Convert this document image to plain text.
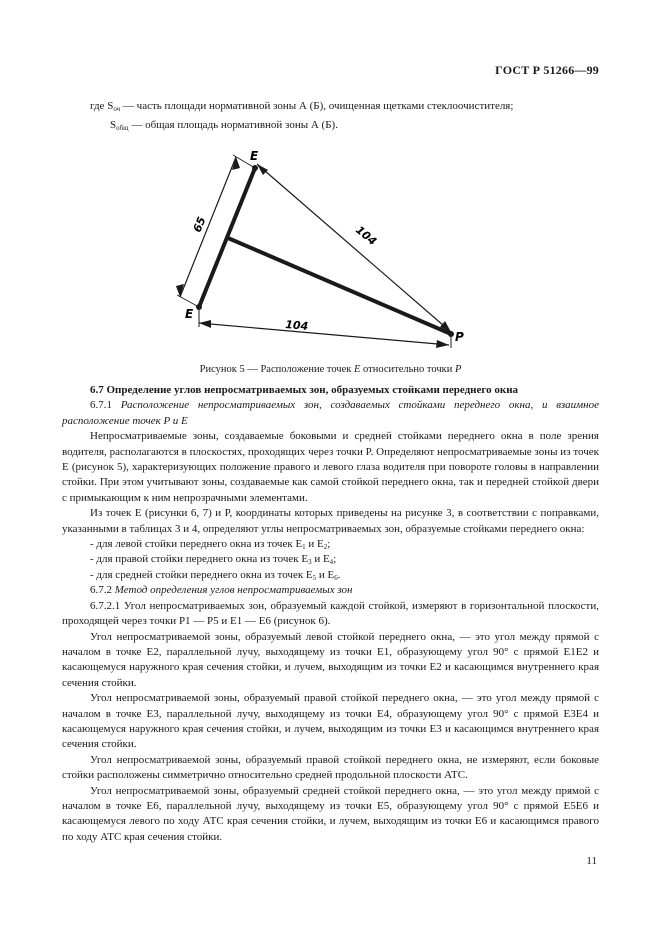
ГОСТ Р 51266—99
где $S_{оч}$ — часть площади нормативной зоны А (Б), очищенная щетками стеклоочистителя;
$S_{общ}$ — общая площадь нормативной зоны А (Б).
E
E
P
65	104
104
Рисунок 5 — Расположение точек E относительно точки P
6.7 Определение углов непросматриваемых зон, образуемых стойками переднего окна
6.7.1 Расположение непросматриваемых зон, создаваемых стойками переднего окна, и взаимное расположение точек P и E
Непросматриваемые зоны, создаваемые боковыми и средней стойками переднего окна в поле зрения водителя, располагаются в плоскостях, проходящих через точки P. Определяют непросматриваемые зоны из точек E (рисунок 5), характеризующих положение правого и левого глаза водителя при повороте головы в направлении стойки. При этом учитывают зоны, создаваемые как самой стойкой переднего окна, так и передней стойкой двери с примыкающим к ним непрозрачными элементами.
Из точек E (рисунки 6, 7) и P, координаты которых приведены на рисунке 3, в соответствии с поправками, указанными в таблицах 3 и 4, определяют углы непросматриваемых зон, образуемые стойками переднего окна:
- для левой стойки переднего окна из точек $E_1$ и $E_2$;
- для правой стойки переднего окна из точек $E_3$ и $E_4$;
- для средней стойки переднего окна из точек $E_5$ и $E_6$.
6.7.2 Метод определения углов непросматриваемых зон
6.7.2.1 Угол непросматриваемых зон, образуемый каждой стойкой, измеряют в горизонтальной плоскости, проходящей через точки P1 — P5 и E1 — E6 (рисунок 6).
Угол непросматриваемой зоны, образуемый левой стойкой переднего окна, — это угол между прямой с началом в точке E2, параллельной лучу, выходящему из точки E1, образующему угол 90° с прямой E1E2 и касающемуся наружного края сечения стойки, и лучем, выходящим из точки E2 и касающимся внутреннего края сечения стойки.
Угол непросматриваемой зоны, образуемый правой стойкой переднего окна, — это угол между прямой с началом в точке E3, параллельной лучу, выходящему из точки E4, образующему угол 90° с прямой E3E4 и касающемуся наружного края сечения стойки, и лучем, выходящим из точки E3 и касающимся внутреннего края сечения стойки.
Угол непросматриваемой зоны, образуемый правой стойкой переднего окна, не измеряют, если боковые стойки расположены симметрично относительно средней продольной плоскости АТС.
Угол непросматриваемой зоны, образуемый средней стойкой переднего окна, — это угол между прямой с началом в точке E6, параллельной лучу, выходящему из точки E5, образующему угол 90° с прямой E5E6 и касающемуся левого по ходу АТС края сечения стойки, и лучем, выходящим из точки E6 и касающимся правого по ходу АТС края сечения стойки.
11
